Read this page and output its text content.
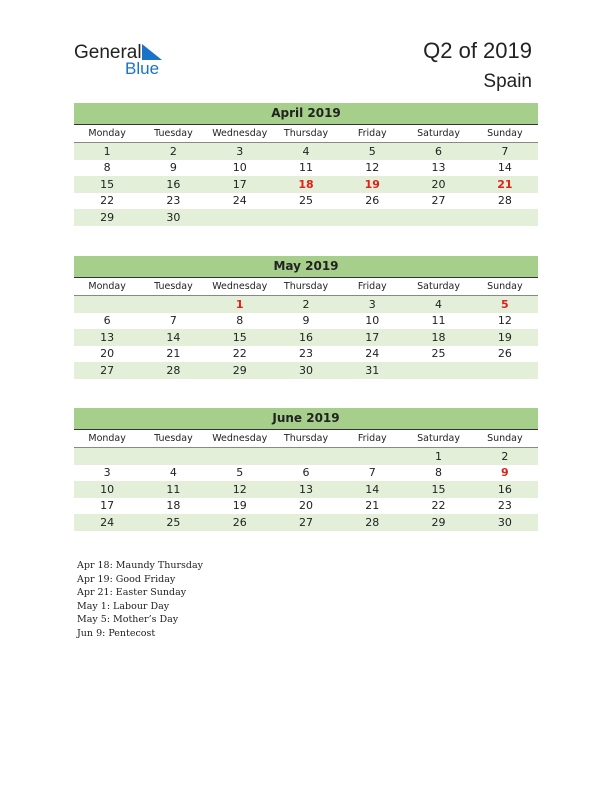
General
Blue
Q2 of 2019
Spain
April 2019
Monday	Tuesday	Wednesday	Thursday	Friday	Saturday	Sunday
1	2	3	4	5	6	7
8	9	10	11	12	13	14
15	16	17	18	19	20	21
22	23	24	25	26	27	28
29	30					
May 2019
Monday	Tuesday	Wednesday	Thursday	Friday	Saturday	Sunday
		1	2	3	4	5
6	7	8	9	10	11	12
13	14	15	16	17	18	19
20	21	22	23	24	25	26
27	28	29	30	31		
June 2019
Monday	Tuesday	Wednesday	Thursday	Friday	Saturday	Sunday
					1	2
3	4	5	6	7	8	9
10	11	12	13	14	15	16
17	18	19	20	21	22	23
24	25	26	27	28	29	30
Apr 18: Maundy Thursday
Apr 19: Good Friday
Apr 21: Easter Sunday
May 1: Labour Day
May 5: Mother’s Day
Jun 9: Pentecost
